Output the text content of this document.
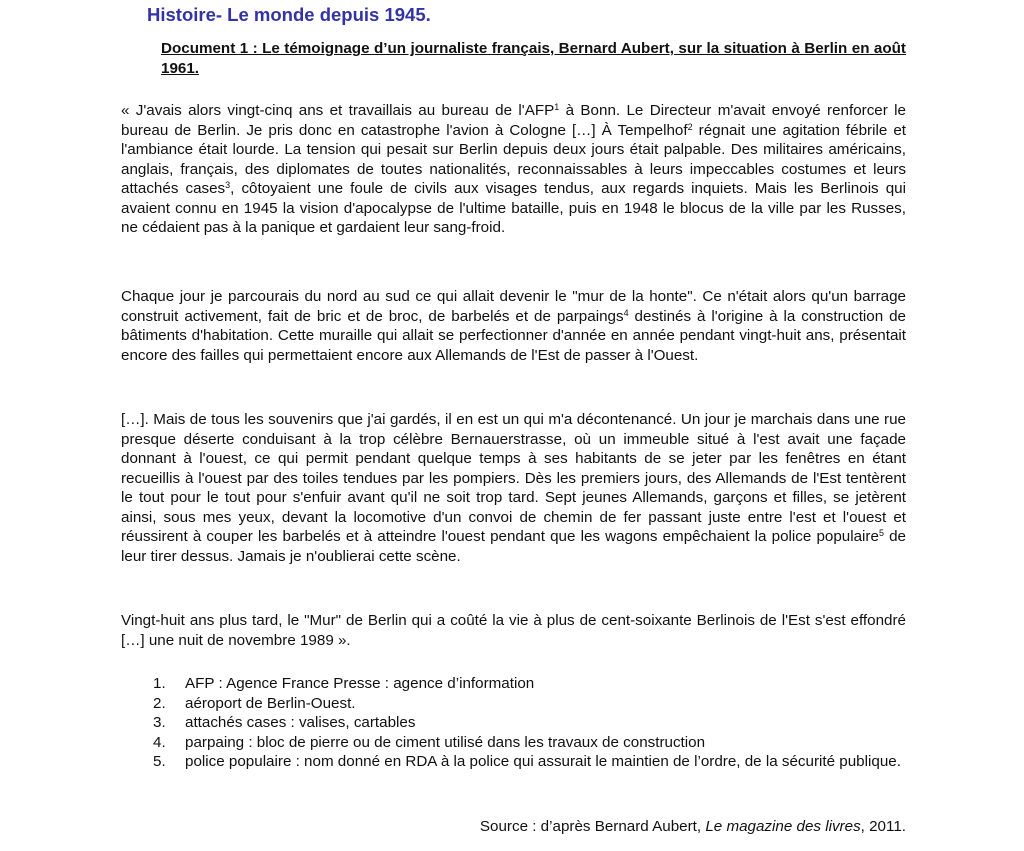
Histoire- Le monde depuis 1945.

Document 1 : Le témoignage d’un journaliste français, Bernard Aubert, sur la situation à Berlin en août 1961.

« J'avais alors vingt-cinq ans et travaillais au bureau de l'AFP$^1$ à Bonn. Le Directeur m'avait envoyé renforcer le bureau de Berlin. Je pris donc en catastrophe l'avion à Cologne […] À Tempelhof$^2$ régnait une agitation fébrile et l'ambiance était lourde. La tension qui pesait sur Berlin depuis deux jours était palpable. Des militaires américains, anglais, français, des diplomates de toutes nationalités, reconnaissables à leurs impeccables costumes et leurs attachés cases$^3$, côtoyaient une foule de civils aux visages tendus, aux regards inquiets. Mais les Berlinois qui avaient connu en 1945 la vision d'apocalypse de l'ultime bataille, puis en 1948 le blocus de la ville par les Russes, ne cédaient pas à la panique et gardaient leur sang-froid.

Chaque jour je parcourais du nord au sud ce qui allait devenir le "mur de la honte". Ce n'était alors qu'un barrage construit activement, fait de bric et de broc, de barbelés et de parpaings$^4$ destinés à l'origine à la construction de bâtiments d'habitation. Cette muraille qui allait se perfectionner d'année en année pendant vingt-huit ans, présentait encore des failles qui permettaient encore aux Allemands de l'Est de passer à l'Ouest.

[…]. Mais de tous les souvenirs que j'ai gardés, il en est un qui m'a décontenancé. Un jour je marchais dans une rue presque déserte conduisant à la trop célèbre Bernauerstrasse, où un immeuble situé à l'est avait une façade donnant à l'ouest, ce qui permit pendant quelque temps à ses habitants de se jeter par les fenêtres en étant recueillis à l'ouest par des toiles tendues par les pompiers. Dès les premiers jours, des Allemands de l'Est tentèrent le tout pour le tout pour s'enfuir avant qu'il ne soit trop tard. Sept jeunes Allemands, garçons et filles, se jetèrent ainsi, sous mes yeux, devant la locomotive d'un convoi de chemin de fer passant juste entre l'est et l'ouest et réussirent à couper les barbelés et à atteindre l'ouest pendant que les wagons empêchaient la police populaire$^5$ de leur tirer dessus. Jamais je n'oublierai cette scène.

Vingt-huit ans plus tard, le "Mur" de Berlin qui a coûté la vie à plus de cent-soixante Berlinois de l'Est s'est effondré […] une nuit de novembre 1989 ».

1. AFP : Agence France Presse : agence d’information
2. aéroport de Berlin-Ouest.
3. attachés cases : valises, cartables
4. parpaing : bloc de pierre ou de ciment utilisé dans les travaux de construction
5. police populaire : nom donné en RDA à la police qui assurait le maintien de l’ordre, de la sécurité publique.

Source : d’après Bernard Aubert, Le magazine des livres, 2011.
